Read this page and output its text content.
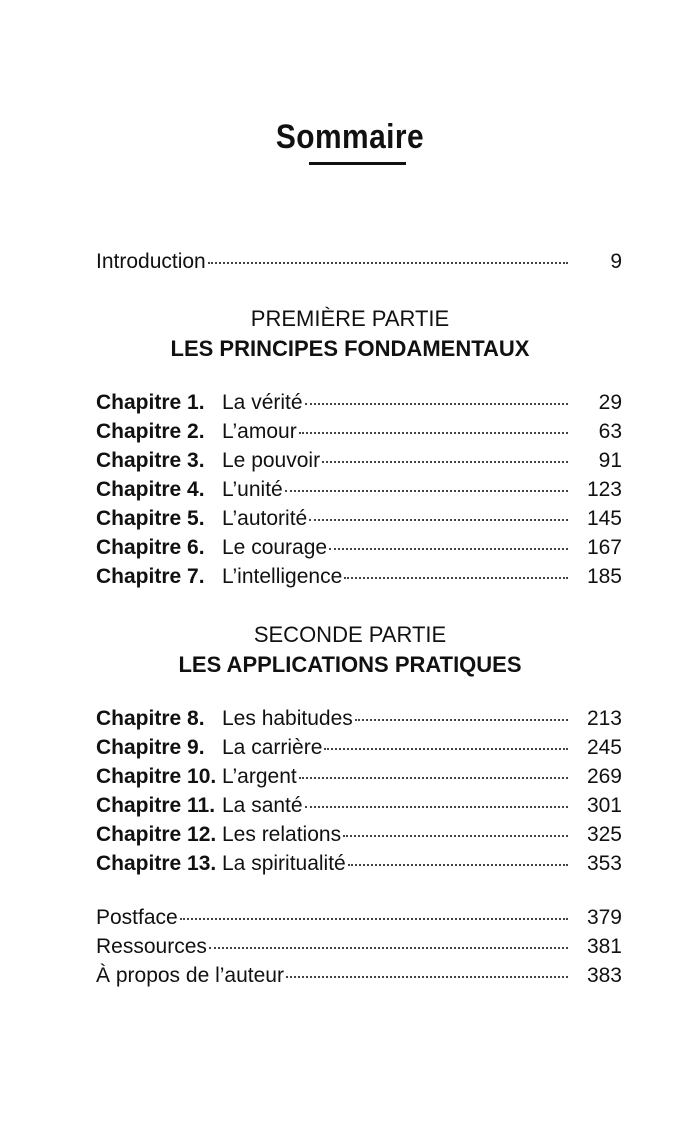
Sommaire
Introduction	9
PREMIÈRE PARTIE
LES PRINCIPES FONDAMENTAUX
Chapitre 1. La vérité	29
Chapitre 2. L’amour	63
Chapitre 3. Le pouvoir	91
Chapitre 4. L’unité	123
Chapitre 5. L’autorité	145
Chapitre 6. Le courage	167
Chapitre 7. L’intelligence	185
SECONDE PARTIE
LES APPLICATIONS PRATIQUES
Chapitre 8. Les habitudes	213
Chapitre 9. La carrière	245
Chapitre 10. L’argent	269
Chapitre 11. La santé	301
Chapitre 12. Les relations	325
Chapitre 13. La spiritualité	353
Postface	379
Ressources	381
À propos de l’auteur	383
